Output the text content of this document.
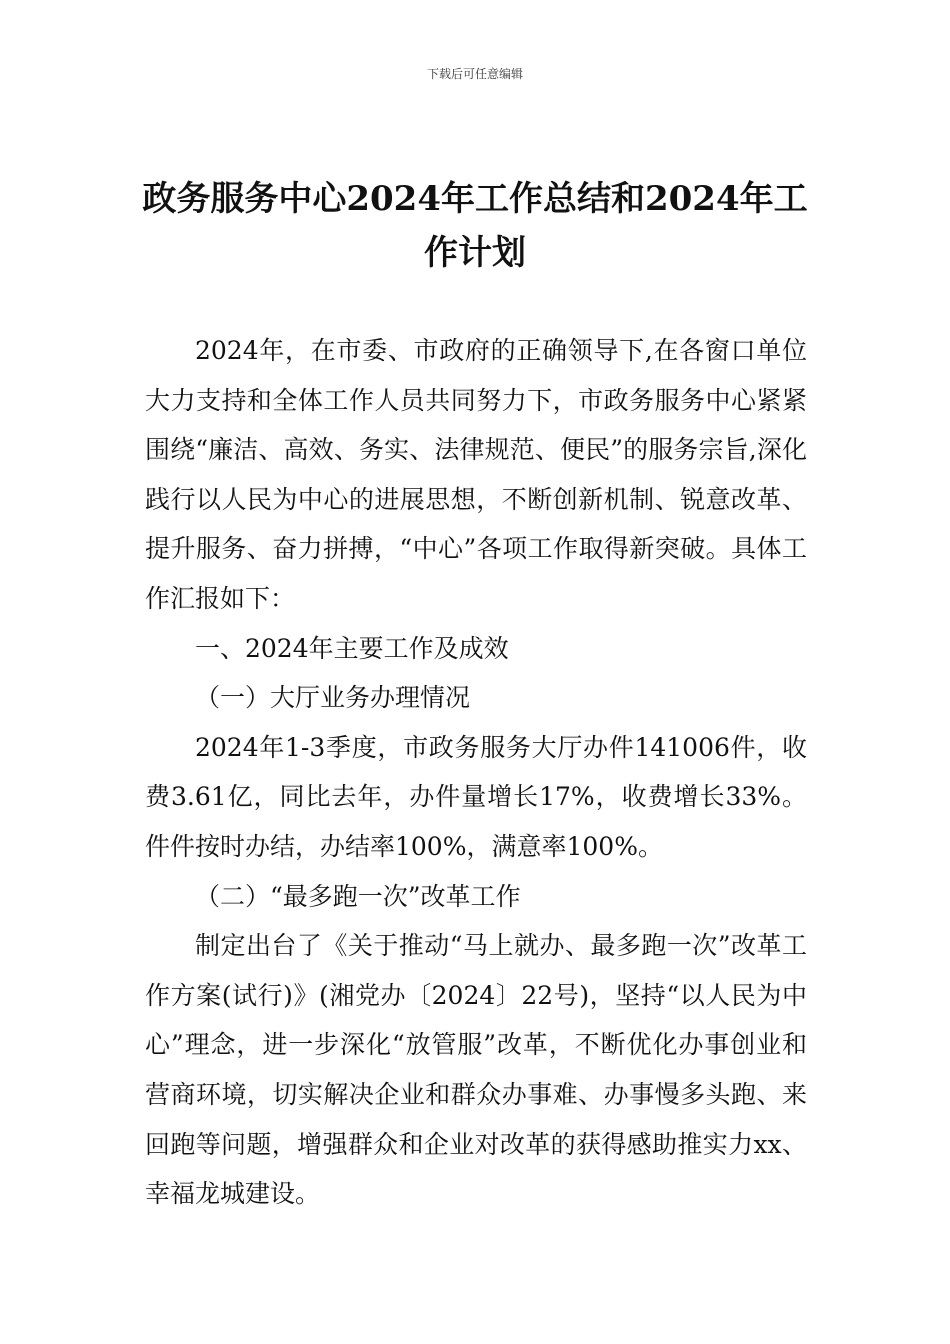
下载后可任意编辑
政务服务中心2024年工作总结和2024年工作计划

2024年，在市委、市政府的正确领导下,在各窗口单位大力支持和全体工作人员共同努力下，市政务服务中心紧紧围绕“廉洁、高效、务实、法律规范、便民”的服务宗旨,深化践行以人民为中心的进展思想，不断创新机制、锐意改革、提升服务、奋力拼搏，“中心”各项工作取得新突破。具体工作汇报如下：

一、2024年主要工作及成效

（一）大厅业务办理情况

2024年1-3季度，市政务服务大厅办件141006件，收费3.61亿，同比去年，办件量增长17%，收费增长33%。件件按时办结，办结率100%，满意率100%。

（二）“最多跑一次”改革工作

制定出台了《关于推动“马上就办、最多跑一次”改革工作方案(试行)》(湘党办〔2024〕22号)，坚持“以人民为中心”理念，进一步深化“放管服”改革，不断优化办事创业和营商环境，切实解决企业和群众办事难、办事慢多头跑、来回跑等问题，增强群众和企业对改革的获得感助推实力xx、幸福龙城建设。
